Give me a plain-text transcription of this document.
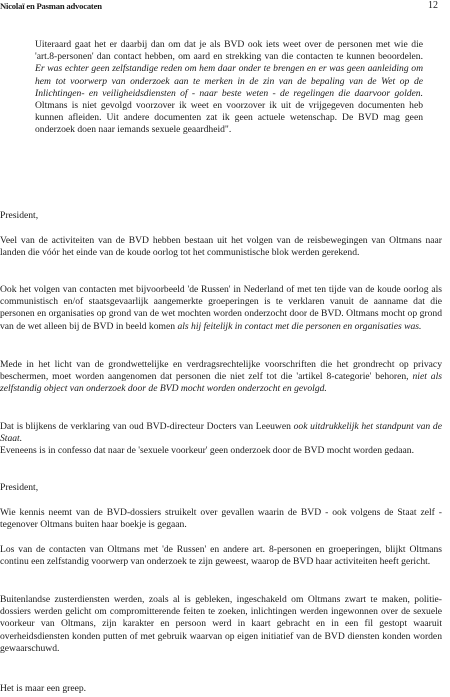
Nicolaï en Pasman advocaten	12

Uiteraard gaat het er daarbij dan om dat je als BVD ook iets weet over de personen met wie die 'art.8-personen' dan contact hebben, om aard en strekking van die contacten te kunnen beoordelen. Er was echter geen zelfstandige reden om hem daar onder te brengen en er was geen aanleiding om hem tot voorwerp van onderzoek aan te merken in de zin van de bepaling van de Wet op de Inlichtingen- en veiligheidsdiensten of - naar beste weten - de regelingen die daarvoor golden. Oltmans is niet gevolgd voorzover ik weet en voorzover ik uit de vrijgegeven documenten heb kunnen afleiden. Uit andere documenten zat ik geen actuele wetenschap. De BVD mag geen onderzoek doen naar iemands sexuele geaardheid".

President,

Veel van de activiteiten van de BVD hebben bestaan uit het volgen van de reisbewegingen van Oltmans naar landen die vóór het einde van de koude oorlog tot het communistische blok werden gerekend.

Ook het volgen van contacten met bijvoorbeeld 'de Russen' in Nederland of met ten tijde van de koude oorlog als communistisch en/of staatsgevaarlijk aangemerkte groeperingen is te verklaren vanuit de aanname dat die personen en organisaties op grond van de wet mochten worden onderzocht door de BVD. Oltmans mocht op grond van de wet alleen bij de BVD in beeld komen als hij feitelijk in contact met die personen en organisaties was.

Mede in het licht van de grondwettelijke en verdragsrechtelijke voorschriften die het grondrecht op privacy beschermen, moet worden aangenomen dat personen die niet zelf tot die 'artikel 8-categorie' behoren, niet als zelfstandig object van onderzoek door de BVD mocht worden onderzocht en gevolgd.

Dat is blijkens de verklaring van oud BVD-directeur Docters van Leeuwen ook uitdrukkelijk het standpunt van de Staat.

Eveneens is in confesso dat naar de 'sexuele voorkeur' geen onderzoek door de BVD mocht worden gedaan.

President,

Wie kennis neemt van de BVD-dossiers struikelt over gevallen waarin de BVD - ook volgens de Staat zelf - tegenover Oltmans buiten haar boekje is gegaan.

Los van de contacten van Oltmans met 'de Russen' en andere art. 8-personen en groeperingen, blijkt Oltmans continu een zelfstandig voorwerp van onderzoek te zijn geweest, waarop de BVD haar activiteiten heeft gericht.

Buitenlandse zusterdiensten werden, zoals al is gebleken, ingeschakeld om Oltmans zwart te maken, politie-dossiers werden gelicht om compromitterende feiten te zoeken, inlichtingen werden ingewonnen over de sexuele voorkeur van Oltmans, zijn karakter en persoon werd in kaart gebracht en in een fil gestopt waaruit overheidsdiensten konden putten of met gebruik waarvan op eigen initiatief van de BVD diensten konden worden gewaarschuwd.

Het is maar een greep.
